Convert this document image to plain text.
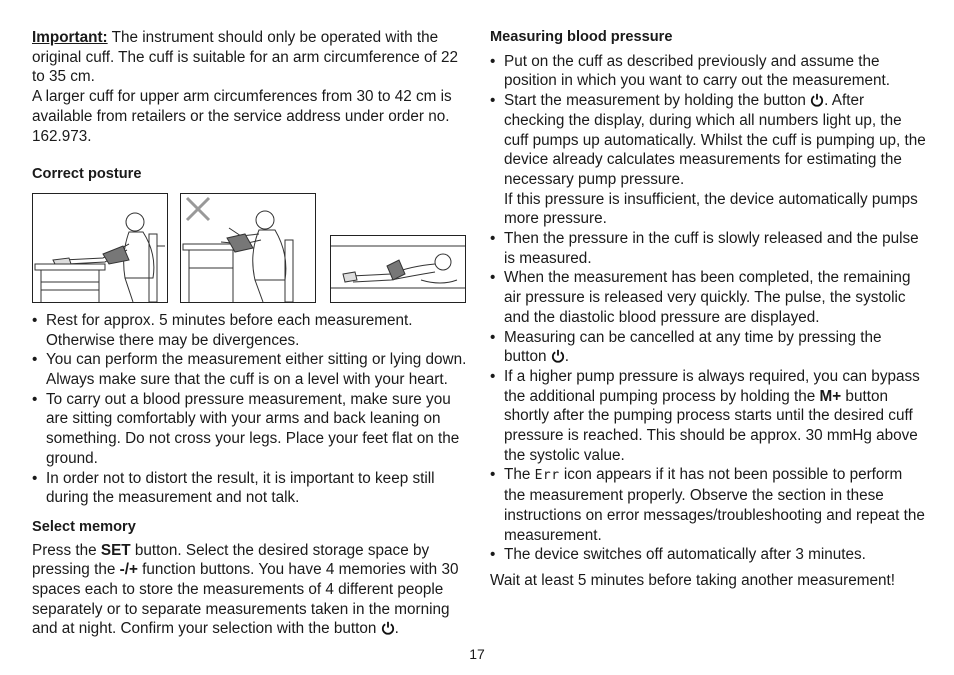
Important: The instrument should only be operated with the original cuff. The cuff is suitable for an arm circumference of 22 to 35 cm.

A larger cuff for upper arm circumferences from 30 to 42 cm is available from retailers or the service address under order no. 162.973.

Correct posture

• Rest for approx. 5 minutes before each measurement. Otherwise there may be divergences.
• You can perform the measurement either sitting or lying down. Always make sure that the cuff is on a level with your heart.
• To carry out a blood pressure measurement, make sure you are sitting comfortably with your arms and back leaning on something. Do not cross your legs. Place your feet flat on the ground.
• In order not to distort the result, it is important to keep still during the measurement and not talk.

Select memory

Press the SET button. Select the desired storage space by pressing the -/+ function buttons. You have 4 memories with 30 spaces each to store the measurements of 4 different people separately or to separate measurements taken in the morning and at night. Confirm your selection with the button .

Measuring blood pressure

• Put on the cuff as described previously and assume the position in which you want to carry out the measurement.
• Start the measurement by holding the button . After checking the display, during which all numbers light up, the cuff pumps up automatically. Whilst the cuff is pumping up, the device already calculates measurements for estimating the necessary pump pressure.
If this pressure is insufficient, the device automatically pumps more pressure.
• Then the pressure in the cuff is slowly released and the pulse is measured.
• When the measurement has been completed, the remaining air pressure is released very quickly. The pulse, the systolic and the diastolic blood pressure are displayed.
• Measuring can be cancelled at any time by pressing the button .
• If a higher pump pressure is always required, you can bypass the additional pumping process by holding the M+ button shortly after the pumping process starts until the desired cuff pressure is reached. This should be approx. 30 mmHg above the systolic value.
• The Err icon appears if it has not been possible to perform the measurement properly. Observe the section in these instructions on error messages/troubleshooting and repeat the measurement.
• The device switches off automatically after 3 minutes.

Wait at least 5 minutes before taking another measurement!

17
